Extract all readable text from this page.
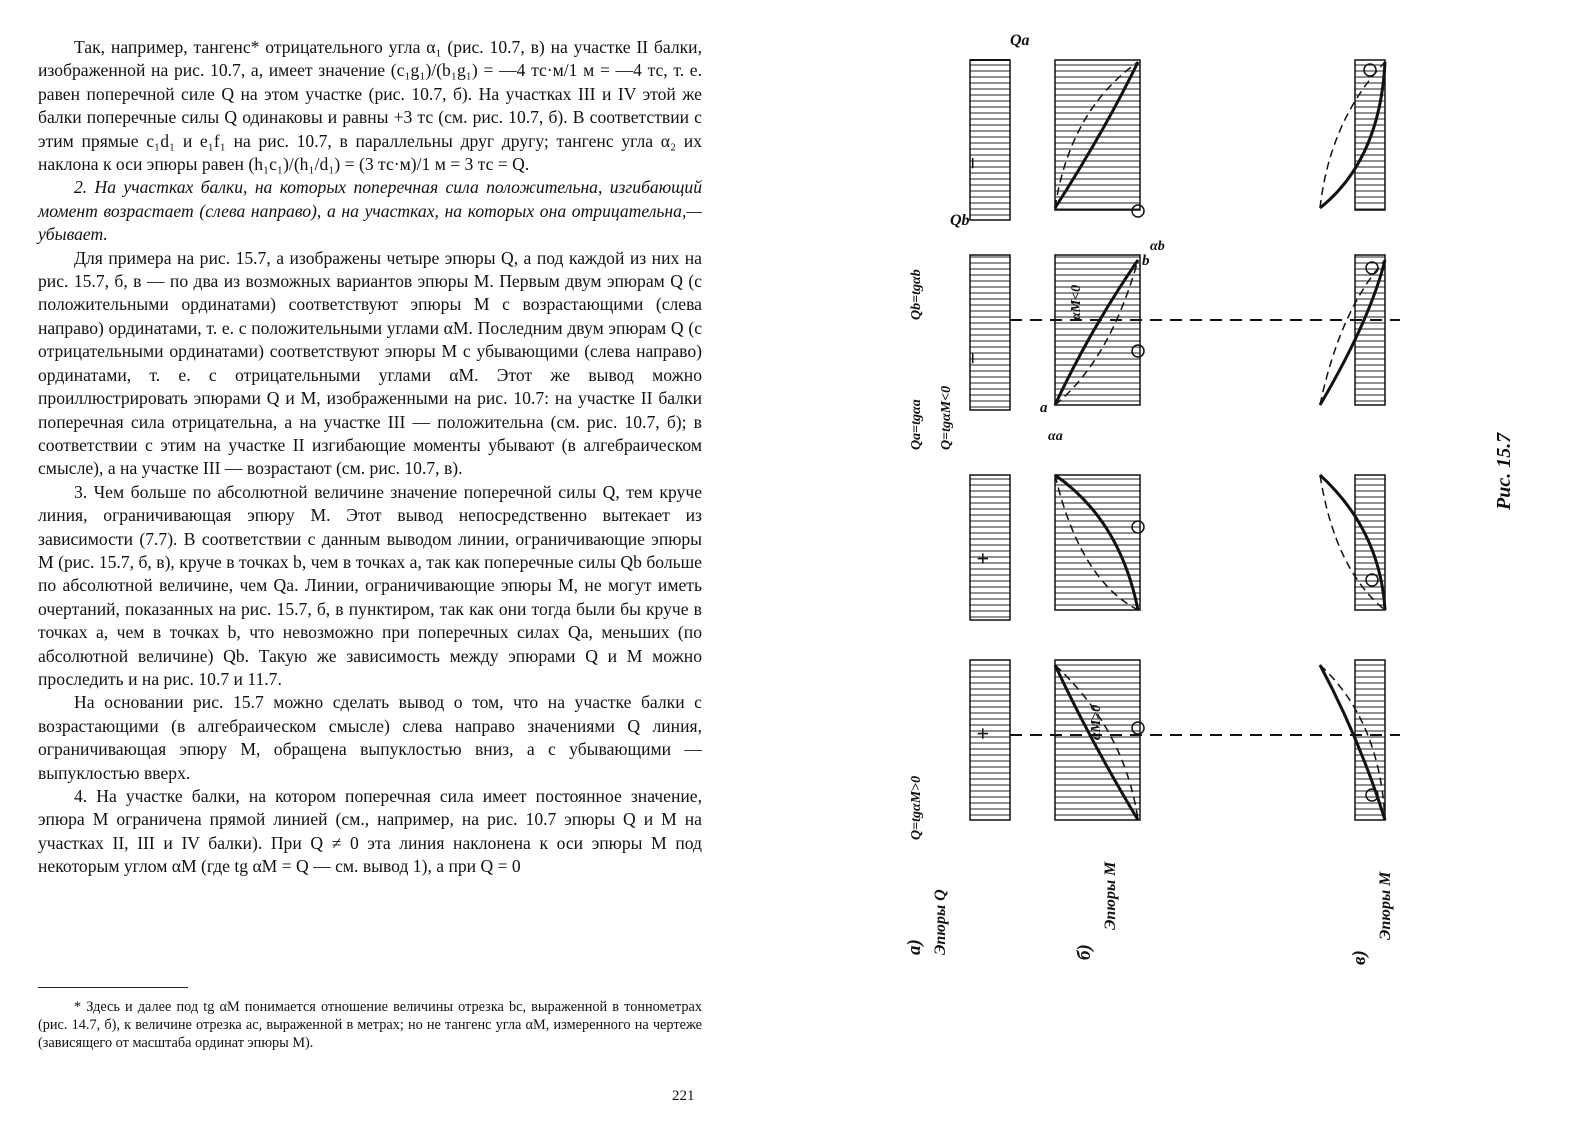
Так, например, тангенс* отрицательного угла α₁ (рис. 10.7, в) на участке II балки, изображенной на рис. 10.7, а, имеет значение (c₁g₁)/(b₁g₁) = —4 тс·м/1 м = —4 тс, т. е. равен поперечной силе Q на этом участке (рис. 10.7, б). На участках III и IV этой же балки поперечные силы Q одинаковы и равны +3 тс (см. рис. 10.7, б). В соответствии с этим прямые c₁d₁ и e₁f₁ на рис. 10.7, в параллельны друг другу; тангенс угла α₂ их наклона к оси эпюры равен (h₁c₁)/(h₁/d₁) = (3 тс·м)/1 м = 3 тс = Q.

2. На участках балки, на которых поперечная сила положительна, изгибающий момент возрастает (слева направо), а на участках, на которых она отрицательна,— убывает.

Для примера на рис. 15.7, а изображены четыре эпюры Q, а под каждой из них на рис. 15.7, б, в — по два из возможных вариантов эпюры M. Первым двум эпюрам Q (с положительными ординатами) соответствуют эпюры M с возрастающими (слева направо) ординатами, т. е. с положительными углами αM. Последним двум эпюрам Q (с отрицательными ординатами) соответствуют эпюры M с убывающими (слева направо) ординатами, т. е. с отрицательными углами αM. Этот же вывод можно проиллюстрировать эпюрами Q и M, изображенными на рис. 10.7: на участке II балки поперечная сила отрицательна, а на участке III — положительна (см. рис. 10.7, б); в соответствии с этим на участке II изгибающие моменты убывают (в алгебраическом смысле), а на участке III — возрастают (см. рис. 10.7, в).

3. Чем больше по абсолютной величине значение поперечной силы Q, тем круче линия, ограничивающая эпюру M. Этот вывод непосредственно вытекает из зависимости (7.7). В соответствии с данным выводом линии, ограничивающие эпюры M (рис. 15.7, б, в), круче в точках b, чем в точках a, так как поперечные силы Qb больше по абсолютной величине, чем Qa. Линии, ограничивающие эпюры M, не могут иметь очертаний, показанных на рис. 15.7, б, в пунктиром, так как они тогда были бы круче в точках a, чем в точках b, что невозможно при поперечных силах Qa, меньших (по абсолютной величине) Qb. Такую же зависимость между эпюрами Q и M можно проследить и на рис. 10.7 и 11.7.

На основании рис. 15.7 можно сделать вывод о том, что на участке балки с возрастающими (в алгебраическом смысле) слева направо значениями Q линия, ограничивающая эпюру M, обращена выпуклостью вниз, а с убывающими — выпуклостью вверх.

4. На участке балки, на котором поперечная сила имеет постоянное значение, эпюра M ограничена прямой линией (см., например, на рис. 10.7 эпюры Q и M на участках II, III и IV балки). При Q ≠ 0 эта линия наклонена к оси эпюры M под некоторым углом αM (где tg αM = Q — см. вывод 1), а при Q = 0

* Здесь и далее под tg αM понимается отношение величины отрезка bc, выраженной в тоннометрах (рис. 14.7, б), к величине отрезка ac, выраженной в метрах; но не тангенс угла αM, измеренного на чертеже (зависящего от масштаба ординат эпюры M).

221
−
−
+
+
а) Эпюры Q	б)
Эпюры M
в)
Эпюры M
Рис. 15.7
Qa
Qb
Qb=tgαb
Qa=tgαa Q=tgαM<0
Q=tgαM>0
αM<0
αM>0
αa
αb
a
b
